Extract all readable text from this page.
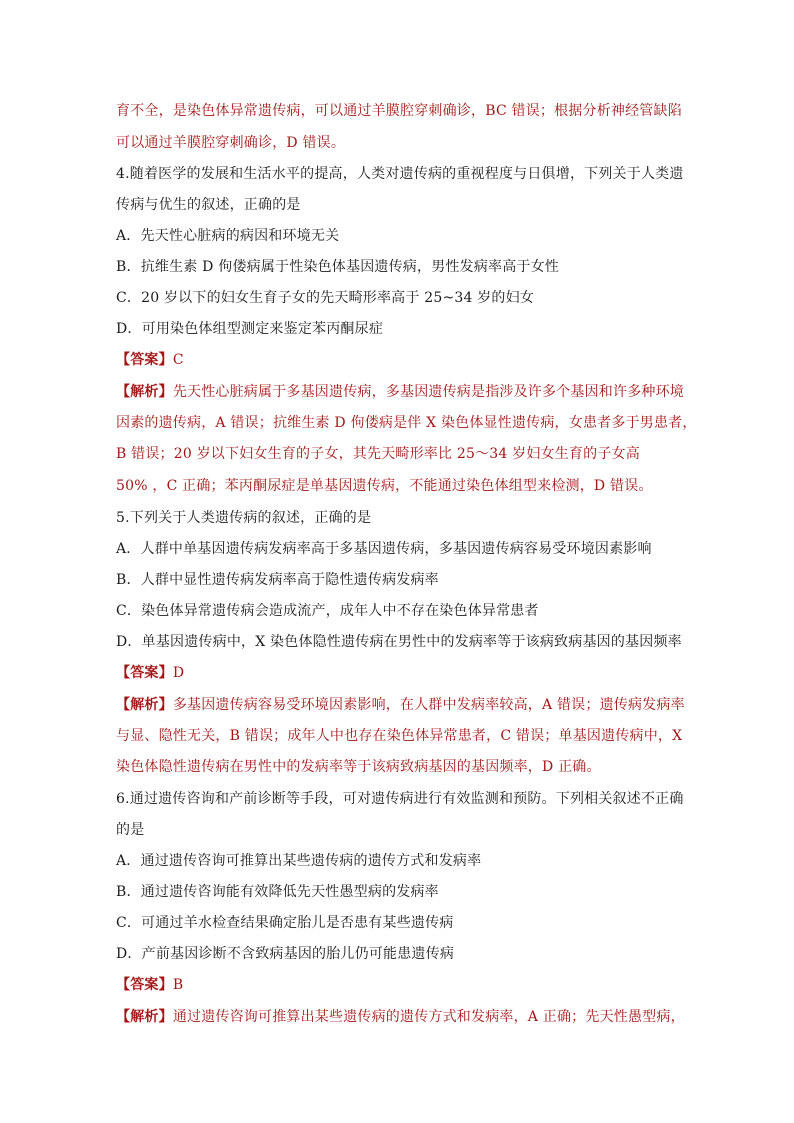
育不全，是染色体异常遗传病，可以通过羊膜腔穿刺确诊，BC 错误；根据分析神经管缺陷
可以通过羊膜腔穿刺确诊，D 错误。
4.随着医学的发展和生活水平的提高，人类对遗传病的重视程度与日俱增，下列关于人类遗
传病与优生的叙述，正确的是
A．先天性心脏病的病因和环境无关
B．抗维生素 D 佝偻病属于性染色体基因遗传病，男性发病率高于女性
C．20 岁以下的妇女生育子女的先天畸形率高于 25~34 岁的妇女
D．可用染色体组型测定来鉴定苯丙酮尿症
【答案】C
【解析】先天性心脏病属于多基因遗传病，多基因遗传病是指涉及许多个基因和许多种环境
因素的遗传病，A 错误；抗维生素 D 佝偻病是伴 X 染色体显性遗传病，女患者多于男患者，
B 错误；20 岁以下妇女生育的子女，其先天畸形率比 25～34 岁妇女生育的子女高
50% ，C 正确；苯丙酮尿症是单基因遗传病，不能通过染色体组型来检测，D 错误。
5.下列关于人类遗传病的叙述，正确的是
A．人群中单基因遗传病发病率高于多基因遗传病，多基因遗传病容易受环境因素影响
B．人群中显性遗传病发病率高于隐性遗传病发病率
C．染色体异常遗传病会造成流产，成年人中不存在染色体异常患者
D．单基因遗传病中，X 染色体隐性遗传病在男性中的发病率等于该病致病基因的基因频率
【答案】D
【解析】多基因遗传病容易受环境因素影响，在人群中发病率较高，A 错误；遗传病发病率
与显、隐性无关，B 错误；成年人中也存在染色体异常患者，C 错误；单基因遗传病中，X
染色体隐性遗传病在男性中的发病率等于该病致病基因的基因频率，D 正确。
6.通过遗传咨询和产前诊断等手段，可对遗传病进行有效监测和预防。下列相关叙述不正确
的是
A．通过遗传咨询可推算出某些遗传病的遗传方式和发病率
B．通过遗传咨询能有效降低先天性愚型病的发病率
C．可通过羊水检查结果确定胎儿是否患有某些遗传病
D．产前基因诊断不含致病基因的胎儿仍可能患遗传病
【答案】B
【解析】通过遗传咨询可推算出某些遗传病的遗传方式和发病率，A 正确；先天性愚型病，
